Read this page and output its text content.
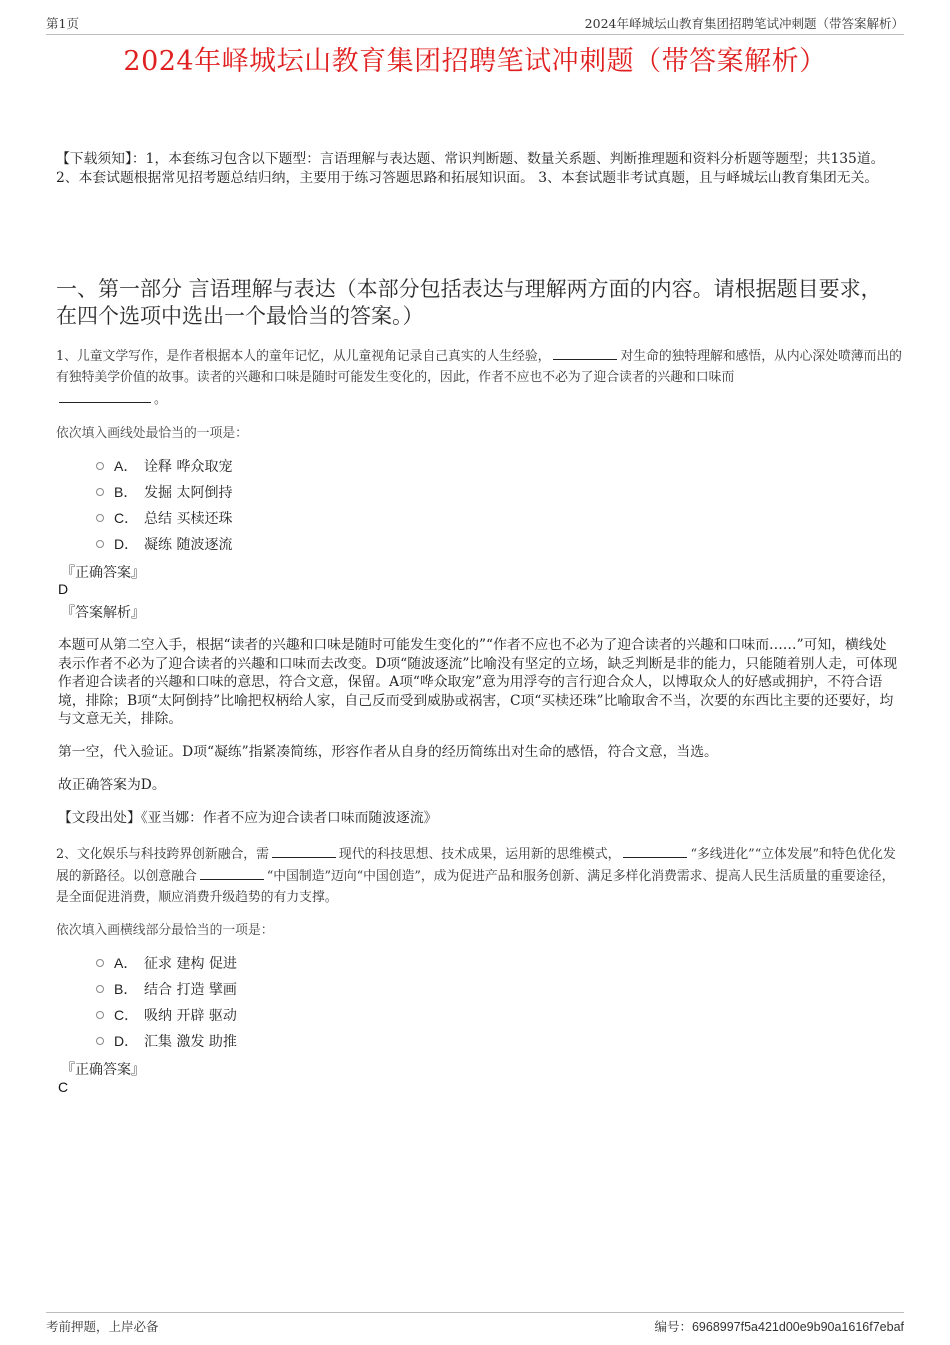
第1页	2024年峄城坛山教育集团招聘笔试冲刺题（带答案解析）
2024年峄城坛山教育集团招聘笔试冲刺题（带答案解析）
【下载须知】：1，本套练习包含以下题型：言语理解与表达题、常识判断题、数量关系题、判断推理题和资料分析题等题型；共135道。 2、本套试题根据常见招考题总结归纳，主要用于练习答题思路和拓展知识面。 3、本套试题非考试真题，且与峄城坛山教育集团无关。
一、第一部分 言语理解与表达（本部分包括表达与理解两方面的内容。请根据题目要求，在四个选项中选出一个最恰当的答案。）
1、儿童文学写作，是作者根据本人的童年记忆，从儿童视角记录自己真实的人生经验，	对生命的独特理解和感悟，从内心深处喷薄而出的有独特美学价值的故事。读者的兴趣和口味是随时可能发生变化的，因此，作者不应也不必为了迎合读者的兴趣和口味而
。
依次填入画线处最恰当的一项是：
A． 诠释 哗众取宠
B． 发掘 太阿倒持
C． 总结 买椟还珠
D． 凝练 随波逐流
『正确答案』
D
『答案解析』
本题可从第二空入手，根据“读者的兴趣和口味是随时可能发生变化的”“作者不应也不必为了迎合读者的兴趣和口味而……”可知，横线处表示作者不必为了迎合读者的兴趣和口味而去改变。D项“随波逐流”比喻没有坚定的立场，缺乏判断是非的能力，只能随着别人走，可体现作者迎合读者的兴趣和口味的意思，符合文意，保留。A项“哗众取宠”意为用浮夸的言行迎合众人，以博取众人的好感或拥护，不符合语境，排除；B项“太阿倒持”比喻把权柄给人家，自己反而受到威胁或祸害，C项“买椟还珠”比喻取舍不当，次要的东西比主要的还要好，均与文意无关，排除。
第一空，代入验证。D项“凝练”指紧凑简练，形容作者从自身的经历简练出对生命的感悟，符合文意，当选。
故正确答案为D。
【文段出处】《亚当娜：作者不应为迎合读者口味而随波逐流》
2、文化娱乐与科技跨界创新融合，需	现代的科技思想、技术成果，运用新的思维模式，	“多线进化”“立体发展”和特色优化发展的新路径。以创意融合	“中国制造”迈向“中国创造”，成为促进产品和服务创新、满足多样化消费需求、提高人民生活质量的重要途径，是全面促进消费，顺应消费升级趋势的有力支撑。
依次填入画横线部分最恰当的一项是：
A． 征求 建构 促进
B． 结合 打造 擘画
C． 吸纳 开辟 驱动
D． 汇集 激发 助推
『正确答案』
C
考前押题，上岸必备	编号：6968997f5a421d00e9b90a1616f7ebaf
